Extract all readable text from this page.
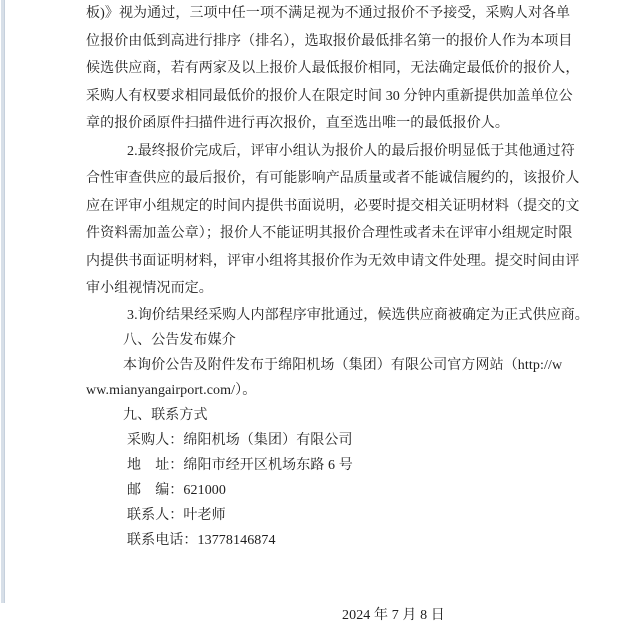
板)》视为通过，三项中任一项不满足视为不通过报价不予接受，采购人对各单
位报价由低到高进行排序（排名），选取报价最低排名第一的报价人作为本项目
候选供应商，若有两家及以上报价人最低报价相同，无法确定最低价的报价人，
采购人有权要求相同最低价的报价人在限定时间 30 分钟内重新提供加盖单位公
章的报价函原件扫描件进行再次报价，直至选出唯一的最低报价人。
2.最终报价完成后，评审小组认为报价人的最后报价明显低于其他通过符
合性审查供应的最后报价，有可能影响产品质量或者不能诚信履约的，该报价人
应在评审小组规定的时间内提供书面说明，必要时提交相关证明材料（提交的文
件资料需加盖公章）；报价人不能证明其报价合理性或者未在评审小组规定时限
内提供书面证明材料，评审小组将其报价作为无效申请文件处理。提交时间由评
审小组视情况而定。
3.询价结果经采购人内部程序审批通过，候选供应商被确定为正式供应商。
八、公告发布媒介
本询价公告及附件发布于绵阳机场（集团）有限公司官方网站（http://w
ww.mianyangairport.com/）。
九、联系方式
采购人：绵阳机场（集团）有限公司
地　址：绵阳市经开区机场东路 6 号
邮　编：621000
联系人：叶老师
联系电话：13778146874
2024 年 7 月 8 日
